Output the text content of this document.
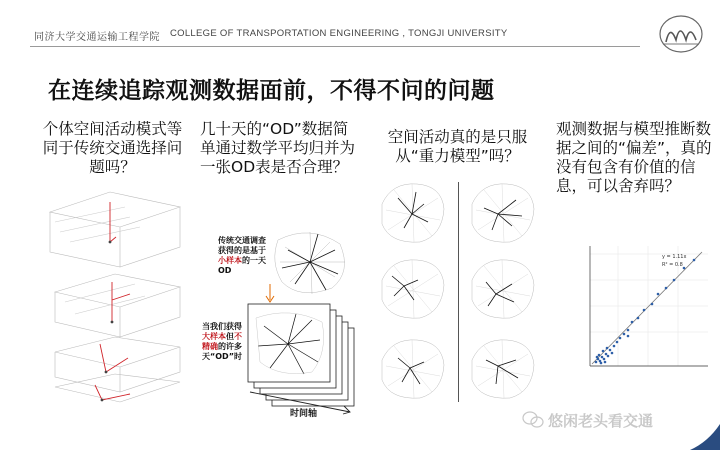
同济大学交通运输工程学院 COLLEGE OF TRANSPORTATION ENGINEERING , TONGJI UNIVERSITY
在连续追踪观测数据面前，不得不问的问题
个体空间活动模式等同于传统交通选择问题吗？
几十天的“OD”数据简单通过数学平均归并为一张OD表是否合理？
空间活动真的是只服从“重力模型”吗？
观测数据与模型推断数据之间的“偏差”，真的没有包含有价值的信息，可以舍弃吗？
传统交通调查获得的是基于小样本的一天OD
当我们获得大样本但不精确的许多天“OD”时
时间轴
y = 1.11x
R² = 0.8
悠闲老头看交通
